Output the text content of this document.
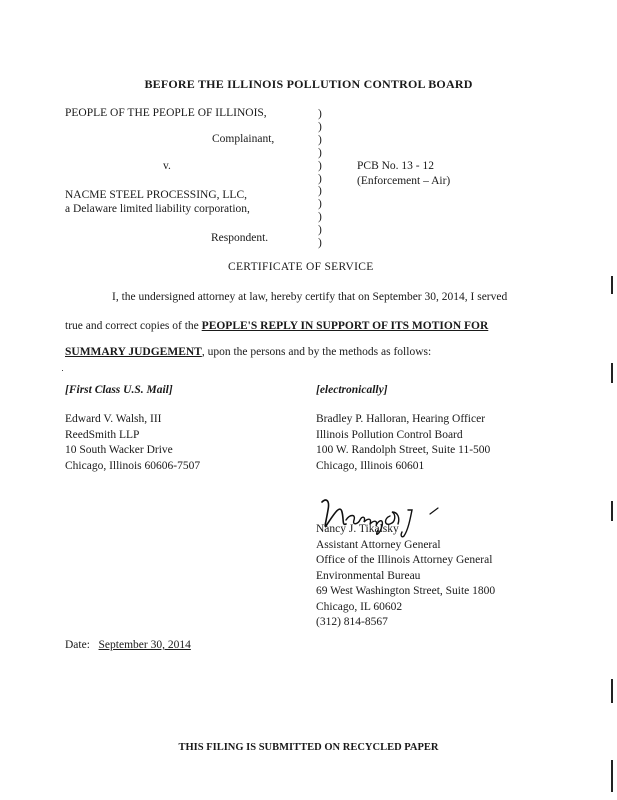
BEFORE THE ILLINOIS POLLUTION CONTROL BOARD
PEOPLE OF THE PEOPLE OF ILLINOIS,
Complainant,
v.
NACME STEEL PROCESSING, LLC,
a Delaware limited liability corporation,
Respondent.
)
)
)
)
)
)
)
)
)
)
)
PCB No. 13 - 12
(Enforcement – Air)
CERTIFICATE OF SERVICE
I, the undersigned attorney at law, hereby certify that on September 30, 2014, I served
true and correct copies of the PEOPLE'S REPLY IN SUPPORT OF ITS MOTION FOR
SUMMARY JUDGEMENT, upon the persons and by the methods as follows:
[First Class U.S. Mail]	[electronically]
Edward V. Walsh, III
ReedSmith LLP
10 South Wacker Drive
Chicago, Illinois 60606-7507
Bradley P. Halloran, Hearing Officer
Illinois Pollution Control Board
100 W. Randolph Street, Suite 11-500
Chicago, Illinois 60601
Nancy J. Tikalsky
Assistant Attorney General
Office of the Illinois Attorney General
Environmental Bureau
69 West Washington Street, Suite 1800
Chicago, IL 60602
(312) 814-8567
Date: September 30, 2014
THIS FILING IS SUBMITTED ON RECYCLED PAPER
